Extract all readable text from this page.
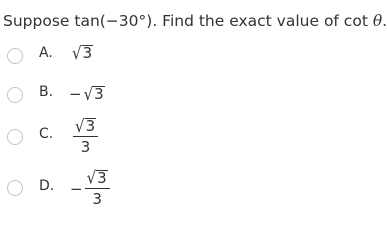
Suppose tan(−30°). Find the exact value of cot θ.
A. √3
B. − √3
C. $\frac{√3}{3}$
D. − $\frac{√3}{3}$
